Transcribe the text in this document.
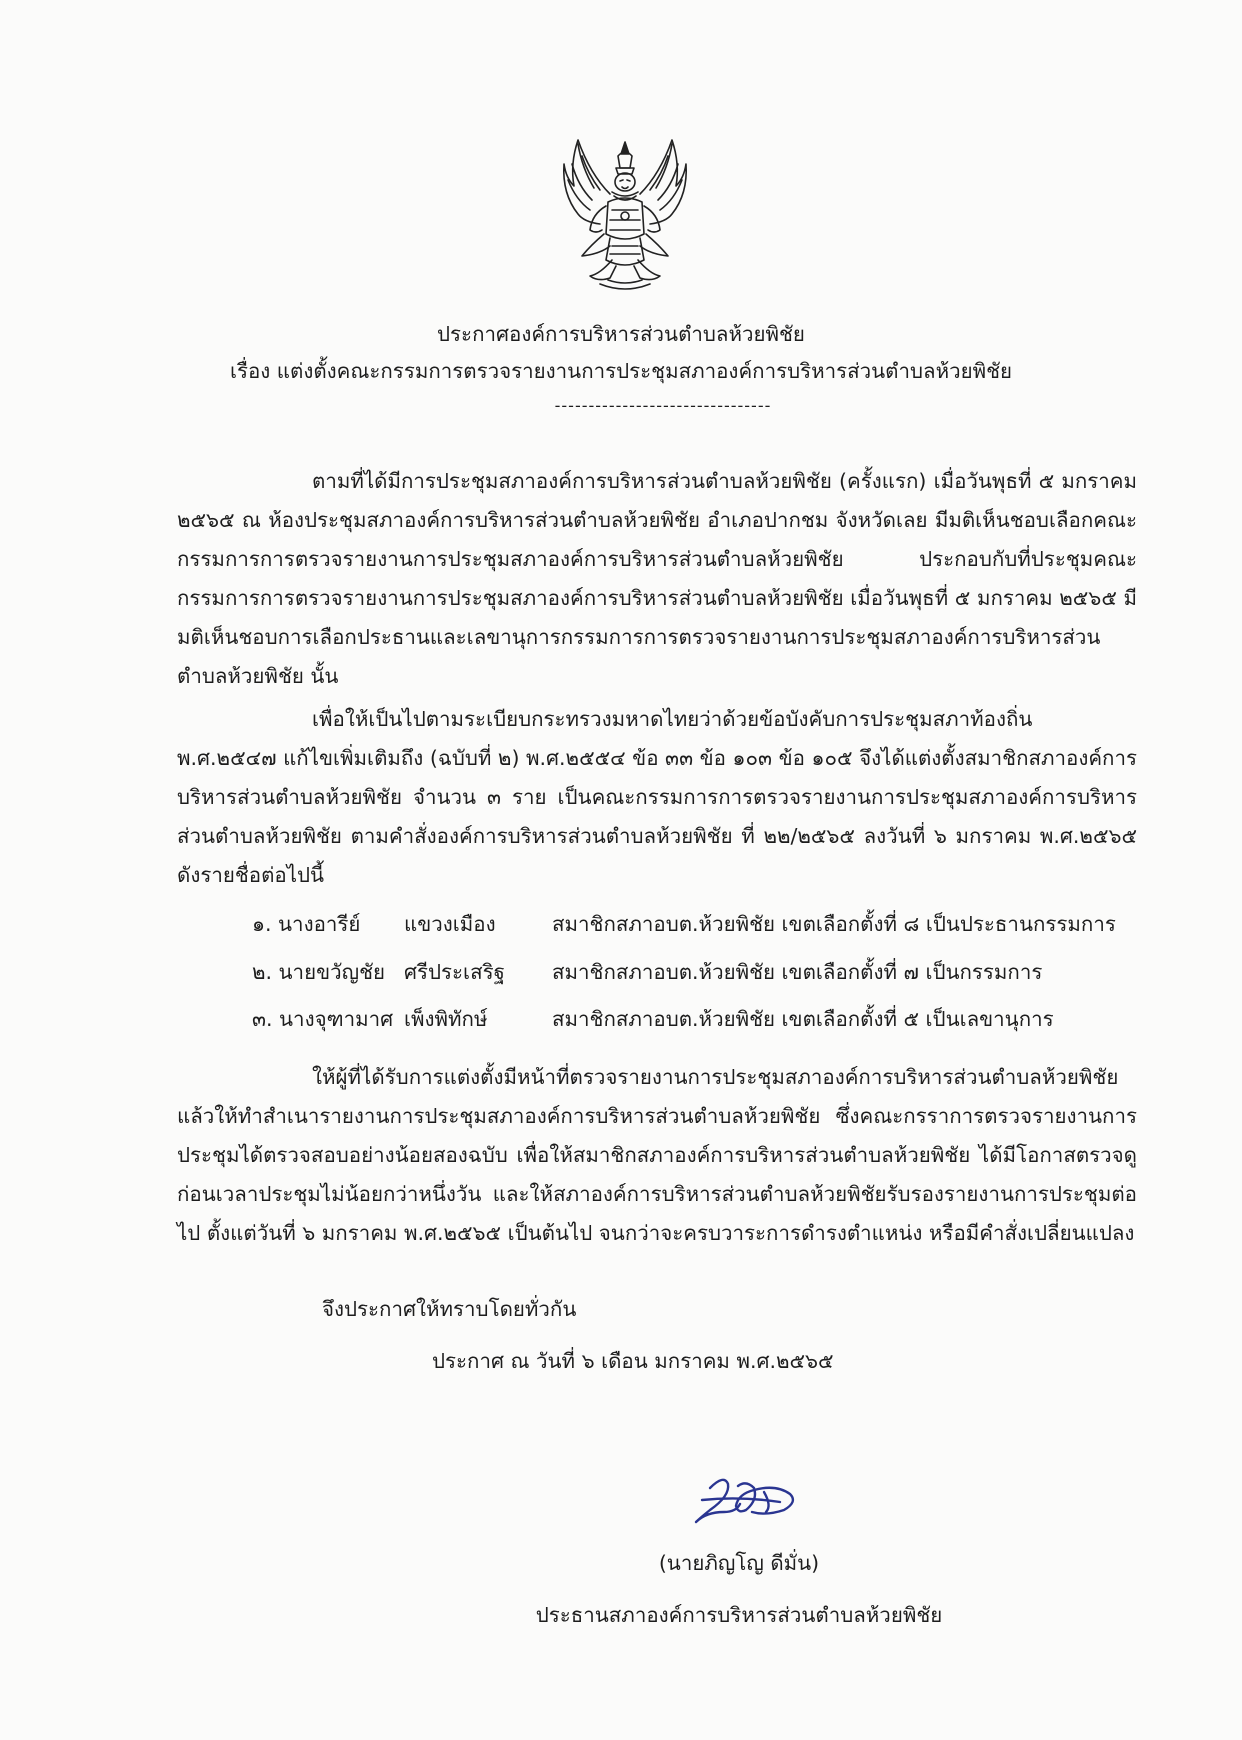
ประกาศองค์การบริหารส่วนตำบลห้วยพิชัย
เรื่อง แต่งตั้งคณะกรรมการตรวจรายงานการประชุมสภาองค์การบริหารส่วนตำบลห้วยพิชัย
--------------------------------
ตามที่ได้มีการประชุมสภาองค์การบริหารส่วนตำบลห้วยพิชัย (ครั้งแรก) เมื่อวันพุธที่ ๕ มกราคม ๒๕๖๕ ณ ห้องประชุมสภาองค์การบริหารส่วนตำบลห้วยพิชัย อำเภอปากชม จังหวัดเลย มีมติเห็นชอบเลือกคณะกรรมการการตรวจรายงานการประชุมสภาองค์การบริหารส่วนตำบลห้วยพิชัย ประกอบกับที่ประชุมคณะกรรมการการตรวจรายงานการประชุมสภาองค์การบริหารส่วนตำบลห้วยพิชัย เมื่อวันพุธที่ ๕ มกราคม ๒๕๖๕ มีมติเห็นชอบการเลือกประธานและเลขานุการกรรมการการตรวจรายงานการประชุมสภาองค์การบริหารส่วนตำบลห้วยพิชัย นั้น
เพื่อให้เป็นไปตามระเบียบกระทรวงมหาดไทยว่าด้วยข้อบังคับการประชุมสภาท้องถิ่น พ.ศ.๒๕๔๗ แก้ไขเพิ่มเติมถึง (ฉบับที่ ๒) พ.ศ.๒๕๕๔ ข้อ ๓๓ ข้อ ๑๐๓ ข้อ ๑๐๕ จึงได้แต่งตั้งสมาชิกสภาองค์การบริหารส่วนตำบลห้วยพิชัย จำนวน ๓ ราย เป็นคณะกรรมการการตรวจรายงานการประชุมสภาองค์การบริหารส่วนตำบลห้วยพิชัย ตามคำสั่งองค์การบริหารส่วนตำบลห้วยพิชัย ที่ ๒๒/๒๕๖๕ ลงวันที่ ๖ มกราคม พ.ศ.๒๕๖๕ ดังรายชื่อต่อไปนี้
๑. นางอารีย์ แขวงเมือง	สมาชิกสภาอบต.ห้วยพิชัย เขตเลือกตั้งที่ ๘ เป็นประธานกรรมการ
๒. นายขวัญชัย ศรีประเสริฐ สมาชิกสภาอบต.ห้วยพิชัย เขตเลือกตั้งที่ ๗ เป็นกรรมการ
๓. นางจุฑามาศ เพ็งพิทักษ์	สมาชิกสภาอบต.ห้วยพิชัย เขตเลือกตั้งที่ ๕ เป็นเลขานุการ
ให้ผู้ที่ได้รับการแต่งตั้งมีหน้าที่ตรวจรายงานการประชุมสภาองค์การบริหารส่วนตำบลห้วยพิชัย แล้วให้ทำสำเนารายงานการประชุมสภาองค์การบริหารส่วนตำบลห้วยพิชัย ซึ่งคณะกรราการตรวจรายงานการประชุมได้ตรวจสอบอย่างน้อยสองฉบับ เพื่อให้สมาชิกสภาองค์การบริหารส่วนตำบลห้วยพิชัย ได้มีโอกาสตรวจดูก่อนเวลาประชุมไม่น้อยกว่าหนึ่งวัน และให้สภาองค์การบริหารส่วนตำบลห้วยพิชัยรับรองรายงานการประชุมต่อไป ตั้งแต่วันที่ ๖ มกราคม พ.ศ.๒๕๖๕ เป็นต้นไป จนกว่าจะครบวาระการดำรงตำแหน่ง หรือมีคำสั่งเปลี่ยนแปลง
จึงประกาศให้ทราบโดยทั่วกัน
ประกาศ ณ วันที่ ๖ เดือน มกราคม พ.ศ.๒๕๖๕
(นายภิญโญ ดีมั่น)
ประธานสภาองค์การบริหารส่วนตำบลห้วยพิชัย
